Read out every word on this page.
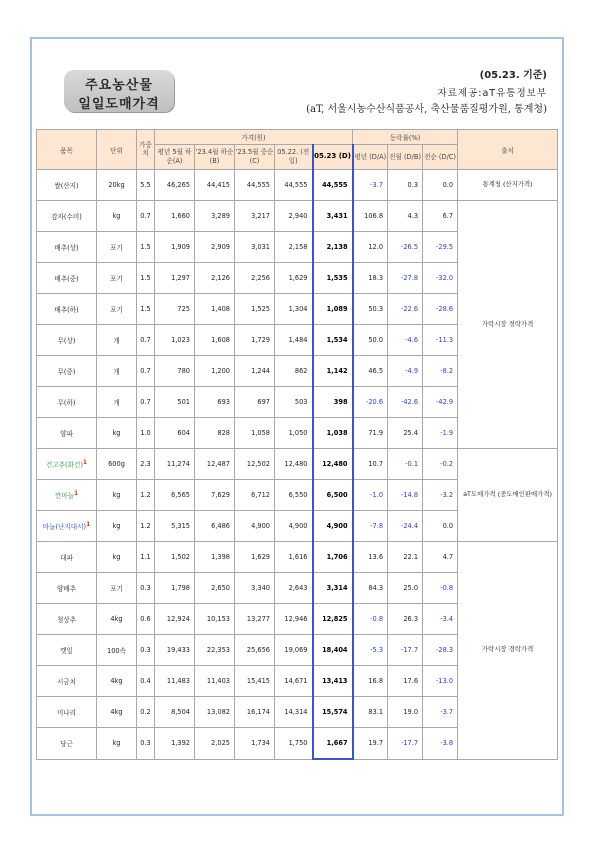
주요농산물
일일도매가격
(05.23. 기준)
자료제공:aT유통정보부
(aT, 서울시농수산식품공사, 축산물품질평가원, 통계청)
품목	단위	가중치	가격(원)					등락률(%)			출처
			평년 5월 하순(A)	'23.4월 하순(B)	'23.5월 중순(C)	05.22. (전일)	05.23 (D)	평년 (D/A)	전월 (D/B)	전순 (D/C)	
쌀(산지)	20kg	5.5	46,265	44,415	44,555	44,555	44,555	-3.7	0.3	0.0	통계청 (산지가격)
감자(수미)	kg	0.7	1,660	3,289	3,217	2,940	3,431	106.8	4.3	6.7	가락시장 경락가격
배추(상)	포기	1.5	1,909	2,909	3,031	2,158	2,138	12.0	-26.5	-29.5	
배추(중)	포기	1.5	1,297	2,126	2,256	1,629	1,535	18.3	-27.8	-32.0	
배추(하)	포기	1.5	725	1,408	1,525	1,304	1,089	50.3	-22.6	-28.6	
무(상)	개	0.7	1,023	1,608	1,729	1,484	1,534	50.0	-4.6	-11.3	
무(중)	개	0.7	780	1,200	1,244	862	1,142	46.5	-4.9	-8.2	
무(하)	개	0.7	501	693	697	503	398	-20.6	-42.6	-42.9	
양파	kg	1.0	604	828	1,058	1,050	1,038	71.9	25.4	-1.9	
건고추(화건)$^1$	600g	2.3	11,274	12,487	12,502	12,480	12,480	10.7	-0.1	-0.2	aT도매가격 (중도매인판매가격)
깐마늘$^1$	kg	1.2	6,565	7,629	6,712	6,550	6,500	-1.0	-14.8	-3.2	
마늘(난지대서)$^1$	kg	1.2	5,315	6,486	4,900	4,900	4,900	-7.8	-24.4	0.0	
대파	kg	1.1	1,502	1,398	1,629	1,616	1,706	13.6	22.1	4.7	가락시장 경락가격
양배추	포기	0.3	1,798	2,650	3,340	2,643	3,314	84.3	25.0	-0.8	
청상추	4kg	0.6	12,924	10,153	13,277	12,946	12,825	-0.8	26.3	-3.4	
깻잎	100속	0.3	19,433	22,353	25,656	19,069	18,404	-5.3	-17.7	-28.3	
시금치	4kg	0.4	11,483	11,403	15,415	14,671	13,413	16.8	17.6	-13.0	
미나리	4kg	0.2	8,504	13,082	16,174	14,314	15,574	83.1	19.0	-3.7	
당근	kg	0.3	1,392	2,025	1,734	1,750	1,667	19.7	-17.7	-3.8	
